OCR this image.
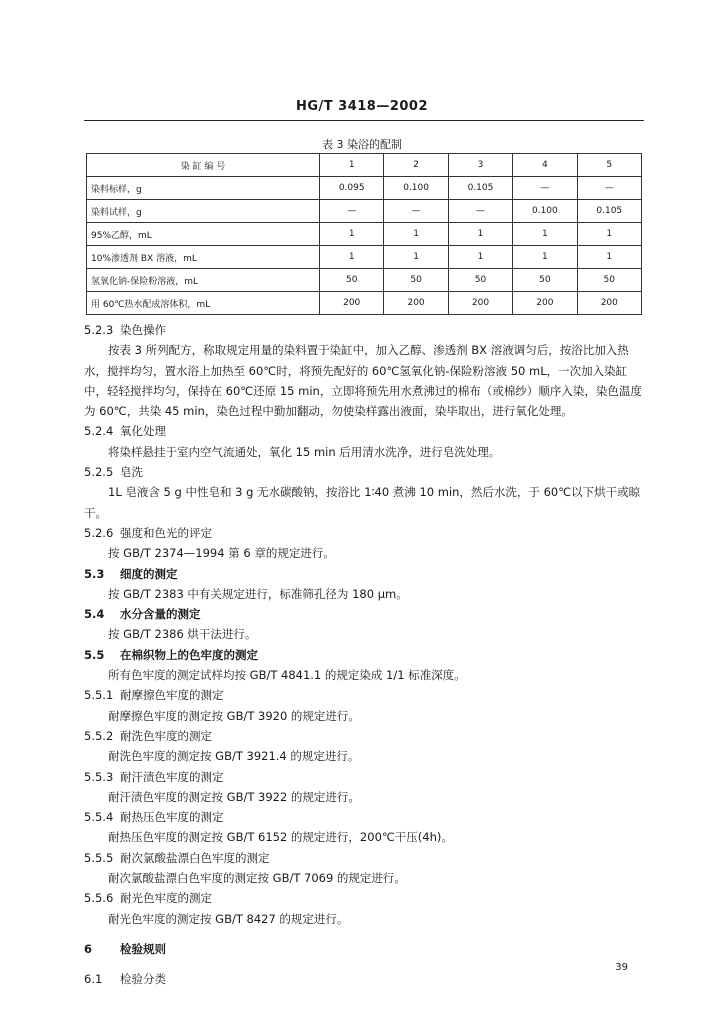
HG/T 3418—2002
表 3 染浴的配制
染 缸 编 号	1	2	3	4	5
染料标样，g	0.095	0.100	0.105	—	—
染料试样，g	—	—	—	0.100	0.105
95%乙醇，mL	1	1	1	1	1
10%渗透剂 BX 溶液，mL	1	1	1	1	1
氢氧化钠-保险粉溶液，mL	50	50	50	50	50
用 60℃热水配成溶体积，mL	200	200	200	200	200

5.2.3 染色操作

按表 3 所列配方，称取规定用量的染料置于染缸中，加入乙醇、渗透剂 BX 溶液调匀后，按浴比加入热水，搅拌均匀，置水浴上加热至 60℃时，将预先配好的 60℃氢氧化钠-保险粉溶液 50 mL，一次加入染缸中，轻轻搅拌均匀，保持在 60℃还原 15 min，立即将预先用水煮沸过的棉布（或棉纱）顺序入染，染色温度为 60℃，共染 45 min，染色过程中勤加翻动，勿使染样露出液面，染毕取出，进行氧化处理。

5.2.4 氧化处理

将染样悬挂于室内空气流通处，氧化 15 min 后用清水洗净，进行皂洗处理。

5.2.5 皂洗

1L 皂液含 5 g 中性皂和 3 g 无水碳酸钠，按浴比 1∶40 煮沸 10 min，然后水洗，于 60℃以下烘干或晾干。

5.2.6 强度和色光的评定

按 GB/T 2374—1994 第 6 章的规定进行。

5.3 细度的测定

按 GB/T 2383 中有关规定进行，标准筛孔径为 180 μm。

5.4 水分含量的测定

按 GB/T 2386 烘干法进行。

5.5 在棉织物上的色牢度的测定

所有色牢度的测定试样均按 GB/T 4841.1 的规定染成 1/1 标准深度。

5.5.1 耐摩擦色牢度的测定

耐摩擦色牢度的测定按 GB/T 3920 的规定进行。

5.5.2 耐洗色牢度的测定

耐洗色牢度的测定按 GB/T 3921.4 的规定进行。

5.5.3 耐汗渍色牢度的测定

耐汗渍色牢度的测定按 GB/T 3922 的规定进行。

5.5.4 耐热压色牢度的测定

耐热压色牢度的测定按 GB/T 6152 的规定进行，200℃干压(4h)。

5.5.5 耐次氯酸盐漂白色牢度的测定

耐次氯酸盐漂白色牢度的测定按 GB/T 7069 的规定进行。

5.5.6 耐光色牢度的测定

耐光色牢度的测定按 GB/T 8427 的规定进行。

6 检验规则

6.1 检验分类

39
